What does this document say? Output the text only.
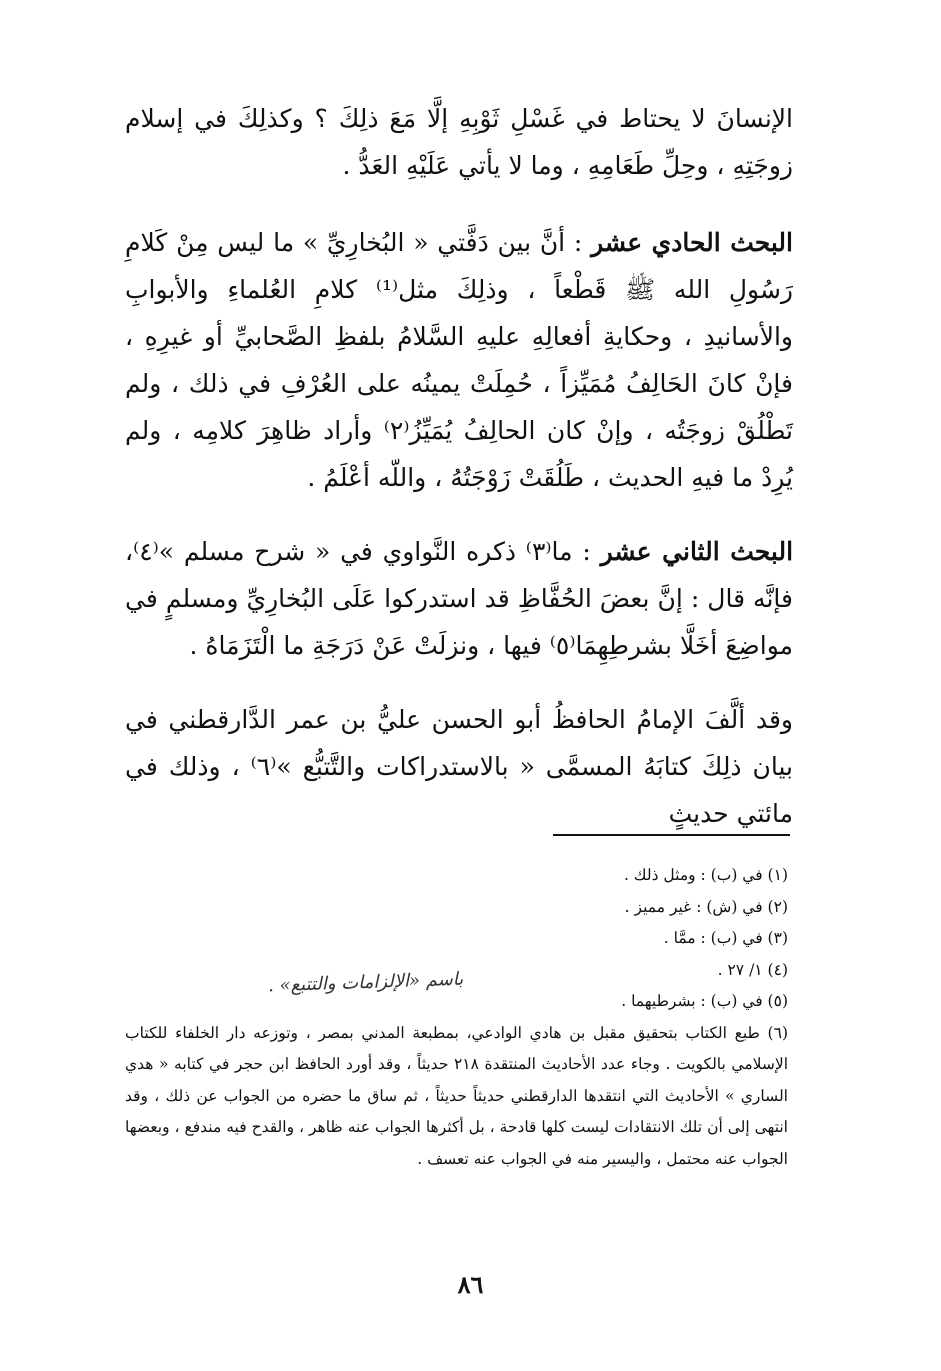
الإنسانَ لا يحتاط في غَسْلِ ثَوْبِهِ إلَّا مَعَ ذلِكَ ؟ وكذلِكَ في إسلام زوجَتِهِ ، وحِلِّ طَعَامِهِ ، وما لا يأتي عَلَيْهِ العَدُّ .

البحث الحادي عشر : أنَّ بين دَفَّتي « البُخارِيِّ » ما ليس مِنْ كَلامِ رَسُولِ الله ﷺ قَطْعاً ، وذلِكَ مثل⁽¹⁾ كلامِ العُلماءِ والأبوابِ والأسانيدِ ، وحكايةِ أفعالِهِ عليهِ السَّلامُ بلفظِ الصَّحابيِّ أو غيرِهِ ، فإنْ كانَ الحَالِفُ مُمَيِّزاً ، حُمِلَتْ يمينُه على العُرْفِ في ذلك ، ولم تَطْلُقْ زوجَتُه ، وإنْ كان الحالِفُ يُمَيِّزُ⁽٢⁾ وأراد ظاهِرَ كلامِه ، ولم يُرِدْ ما فيهِ الحديث ، طَلُقَتْ زَوْجَتُهُ ، واللّه أعْلَمُ .

البحث الثاني عشر : ما⁽٣⁾ ذكره النَّواوي في « شرح مسلم »⁽٤⁾، فإنَّه قال : إنَّ بعضَ الحُفَّاظِ قد استدركوا عَلَى البُخارِيِّ ومسلمٍ في مواضِعَ أخَلَّا بشرطِهِمَا⁽٥⁾ فيها ، ونزلَتْ عَنْ دَرَجَةِ ما الْتَزَمَاهُ .

وقد ألَّفَ الإمامُ الحافظُ أبو الحسن عليُّ بن عمر الدَّارقطني في بيان ذلِكَ كتابَهُ المسمَّى « بالاستدراكات والتَّتبُّع »⁽٦⁾ ، وذلك في مائتي حديثٍ

(١) في (ب) : ومثل ذلك .

(٢) في (ش) : غير مميز .

(٣) في (ب) : ممَّا .

(٤) ١/ ٢٧ .

(٥) في (ب) : بشرطيهما .

(٦) طبع الكتاب بتحقيق مقبل بن هادي الوادعي، بمطبعة المدني بمصر ، وتوزعه دار الخلفاء للكتاب الإسلامي بالكويت . وجاء عدد الأحاديث المنتقدة ٢١٨ حديثاً ، وقد أورد الحافظ ابن حجر في كتابه « هدي الساري » الأحاديث التي انتقدها الدارقطني حديثاً حديثاً ، ثم ساق ما حضره من الجواب عن ذلك ، وقد انتهى إلى أن تلك الانتقادات ليست كلها قادحة ، بل أكثرها الجواب عنه ظاهر ، والقدح فيه مندفع ، وبعضها الجواب عنه محتمل ، واليسير منه في الجواب عنه تعسف .

باسم «الإلزامات والتتبع» .
٨٦
